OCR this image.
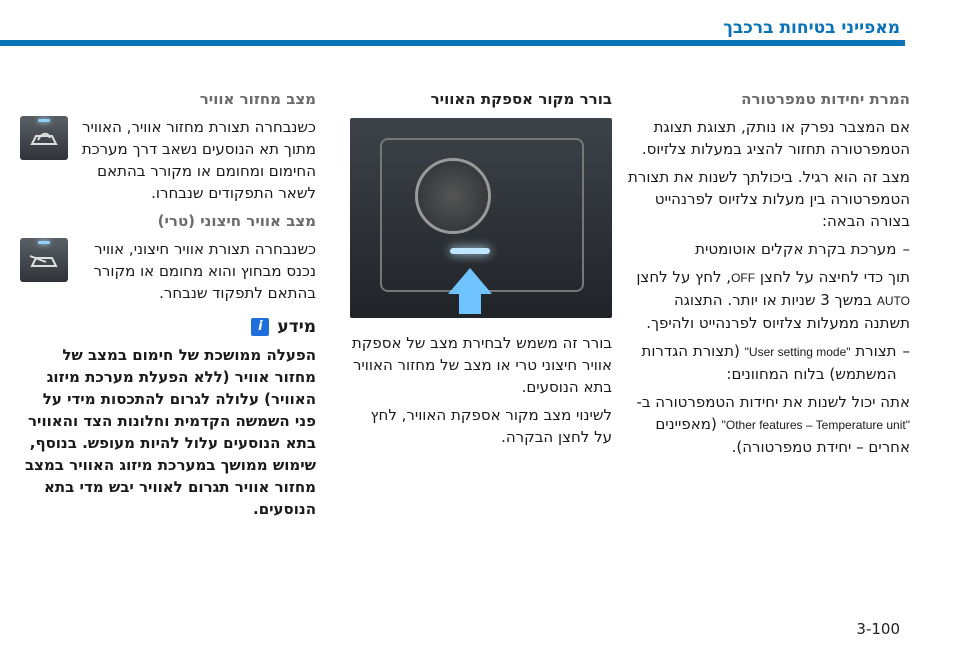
מאפייני בטיחות ברכבך
המרת יחידות טמפרטורה

אם המצבר נפרק או נותק, תצוגת תצוגת הטמפרטורה תחזור להציג במעלות צלזיוס.

מצב זה הוא רגיל. ביכולתך לשנות את תצורת הטמפרטורה בין מעלות צלזיוס לפרנהייט בצורה הבאה:

–
מערכת בקרת אקלים אוטומטית

תוך כדי לחיצה על לחצן OFF, לחץ על לחצן AUTO במשך 3 שניות או יותר. התצוגה תשתנה ממעלות צלזיוס לפרנהייט ולהיפך.

–
תצורת "User setting mode" (תצורת הגדרות המשתמש) בלוח המחוונים:

אתה יכול לשנות את יחידות הטמפרטורה ב- "Other features – Temperature unit" (מאפיינים אחרים – יחידת טמפרטורה).

בורר מקור אספקת האוויר

בורר זה משמש לבחירת מצב של אספקת אוויר חיצוני טרי או מצב של מחזור האוויר בתא הנוסעים.

לשינוי מצב מקור אספקת האוויר, לחץ על לחצן הבקרה.

מצב מחזור אוויר

כשנבחרה תצורת מחזור אוויר, האוויר מתוך תא הנוסעים נשאב דרך מערכת החימום ומחומם או מקורר בהתאם לשאר התפקודים שנבחרו.

מצב אוויר חיצוני (טרי)

כשנבחרה תצורת אוויר חיצוני, אוויר נכנס מבחוץ והוא מחומם או מקורר בהתאם לתפקוד שנבחר.

מידע
i

הפעלה ממושכת של חימום במצב של מחזור אוויר (ללא הפעלת מערכת מיזוג האוויר) עלולה לגרום להתכסות מידי על פני השמשה הקדמית וחלונות הצד והאוויר בתא הנוסעים עלול להיות מעופש. בנוסף, שימוש ממושך במערכת מיזוג האוויר במצב מחזור אוויר תגרום לאוויר יבש מדי בתא הנוסעים.

3-100
